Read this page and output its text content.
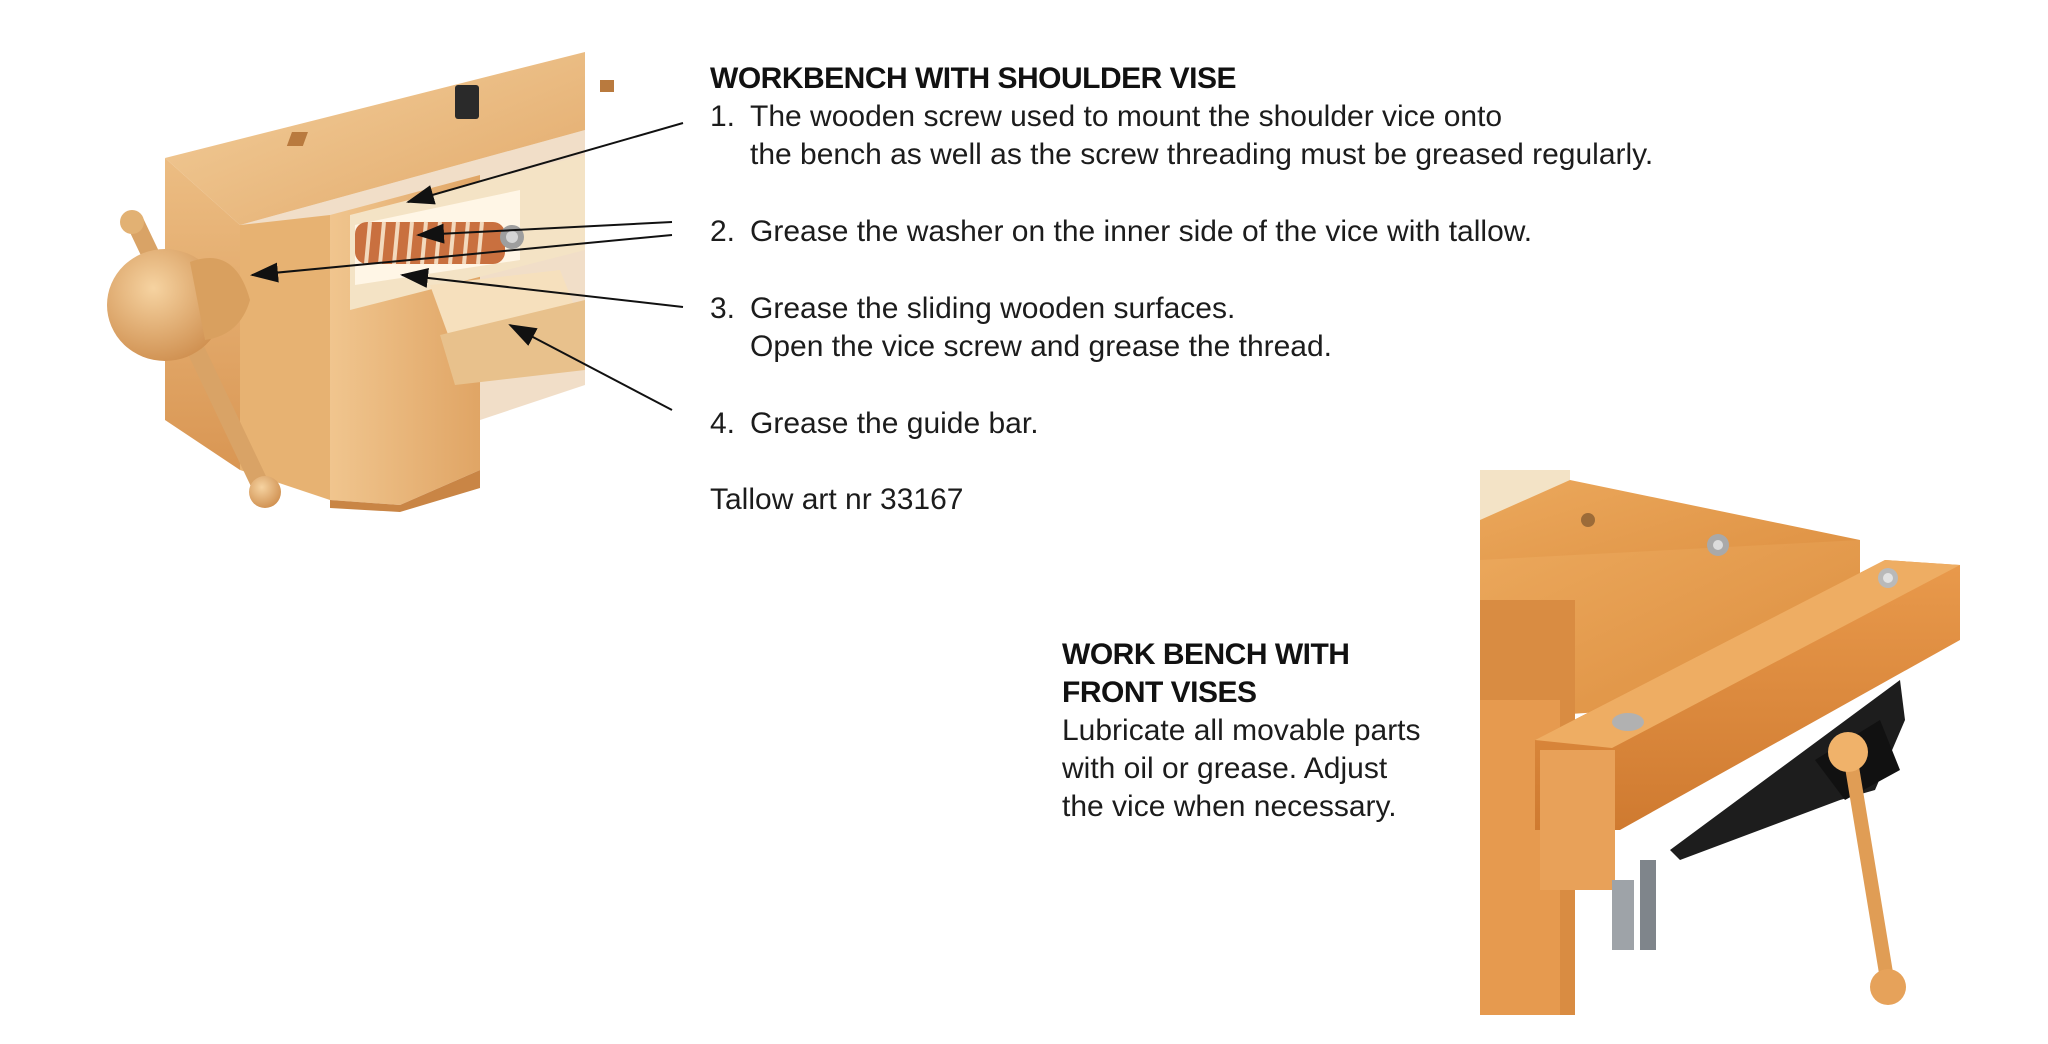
WORKBENCH WITH SHOULDER VISE
1. The wooden screw used to mount the shoulder vice onto
the bench as well as the screw threading must be greased regularly.
2. Grease the washer on the inner side of the vice with tallow.
3. Grease the sliding wooden surfaces.
Open the vice screw and grease the thread.
4. Grease the guide bar.
Tallow art nr 33167
WORK BENCH WITH
FRONT VISES
Lubricate all movable parts
with oil or grease. Adjust
the vice when necessary.
